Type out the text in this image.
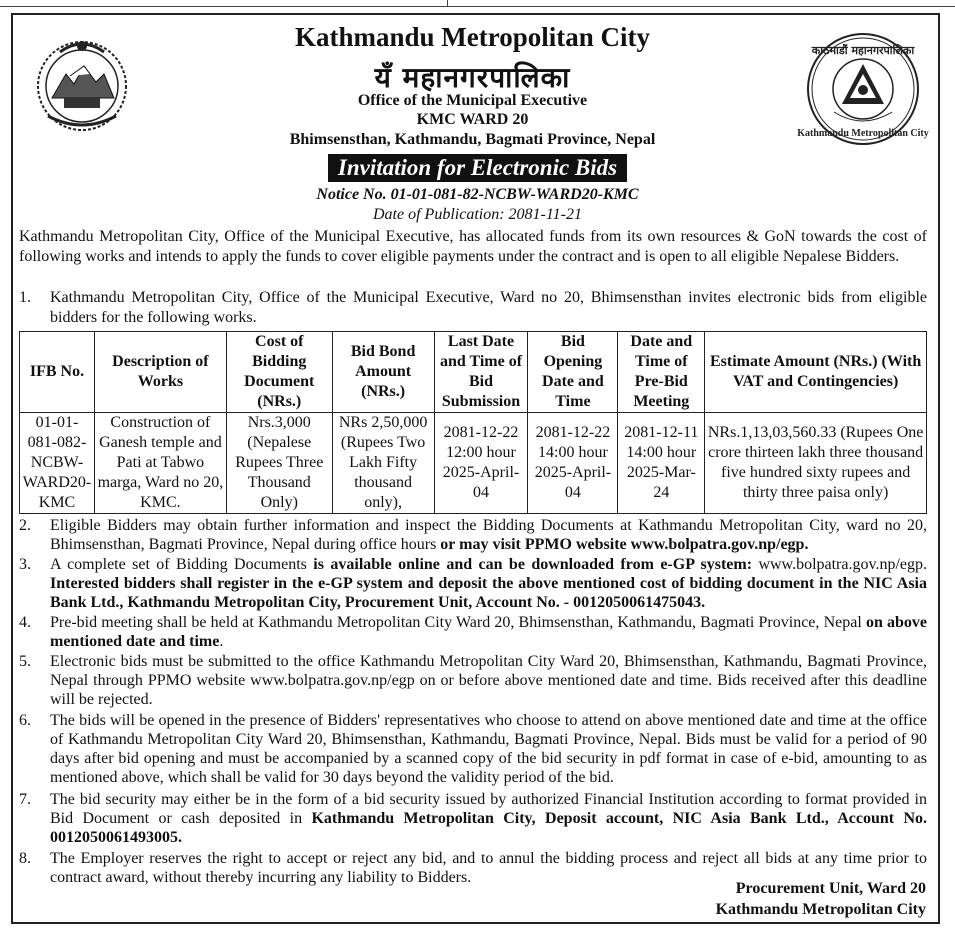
काठमाडौं महानगरपालिका
Kathmandu Metropolitan City
Kathmandu Metropolitan City
यँ महानगरपालिका
Office of the Municipal Executive
KMC WARD 20
Bhimsensthan, Kathmandu, Bagmati Province, Nepal
Invitation for Electronic Bids
Notice No. 01-01-081-82-NCBW-WARD20-KMC
Date of Publication: 2081-11-21
Kathmandu Metropolitan City, Office of the Municipal Executive, has allocated funds from its own resources & GoN towards the cost of following works and intends to apply the funds to cover eligible payments under the contract and is open to all eligible Nepalese Bidders.
1. Kathmandu Metropolitan City, Office of the Municipal Executive, Ward no 20, Bhimsensthan invites electronic bids from eligible bidders for the following works.
IFB No.	Description of Works	Cost of Bidding Document (NRs.)	Bid Bond Amount (NRs.)	Last Date and Time of Bid Submission	Bid Opening Date and Time	Date and Time of Pre-Bid Meeting	Estimate Amount (NRs.) (With VAT and Contingencies)
01-01-081-082-NCBW-WARD20-KMC	Construction of Ganesh temple and Pati at Tabwo marga, Ward no 20, KMC.	Nrs.3,000 (Nepalese Rupees Three Thousand Only)	NRs 2,50,000 (Rupees Two Lakh Fifty thousand only),	2081-12-22 12:00 hour 2025-April-04	2081-12-22 14:00 hour 2025-April-04	2081-12-11 14:00 hour 2025-Mar-24	NRs.1,13,03,560.33 (Rupees One crore thirteen lakh three thousand five hundred sixty rupees and thirty three paisa only)
2. Eligible Bidders may obtain further information and inspect the Bidding Documents at Kathmandu Metropolitan City, ward no 20, Bhimsensthan, Bagmati Province, Nepal during office hours or may visit PPMO website www.bolpatra.gov.np/egp.
3. A complete set of Bidding Documents is available online and can be downloaded from e-GP system: www.bolpatra.gov.np/egp. Interested bidders shall register in the e-GP system and deposit the above mentioned cost of bidding document in the NIC Asia Bank Ltd., Kathmandu Metropolitan City, Procurement Unit, Account No. - 0012050061475043.
4. Pre-bid meeting shall be held at Kathmandu Metropolitan City Ward 20, Bhimsensthan, Kathmandu, Bagmati Province, Nepal on above mentioned date and time.
5. Electronic bids must be submitted to the office Kathmandu Metropolitan City Ward 20, Bhimsensthan, Kathmandu, Bagmati Province, Nepal through PPMO website www.bolpatra.gov.np/egp on or before above mentioned date and time. Bids received after this deadline will be rejected.
6. The bids will be opened in the presence of Bidders' representatives who choose to attend on above mentioned date and time at the office of Kathmandu Metropolitan City Ward 20, Bhimsensthan, Kathmandu, Bagmati Province, Nepal. Bids must be valid for a period of 90 days after bid opening and must be accompanied by a scanned copy of the bid security in pdf format in case of e-bid, amounting to as mentioned above, which shall be valid for 30 days beyond the validity period of the bid.
7. The bid security may either be in the form of a bid security issued by authorized Financial Institution according to format provided in Bid Document or cash deposited in Kathmandu Metropolitan City, Deposit account, NIC Asia Bank Ltd., Account No. 0012050061493005.
8. The Employer reserves the right to accept or reject any bid, and to annul the bidding process and reject all bids at any time prior to contract award, without thereby incurring any liability to Bidders.
Procurement Unit, Ward 20
Kathmandu Metropolitan City
